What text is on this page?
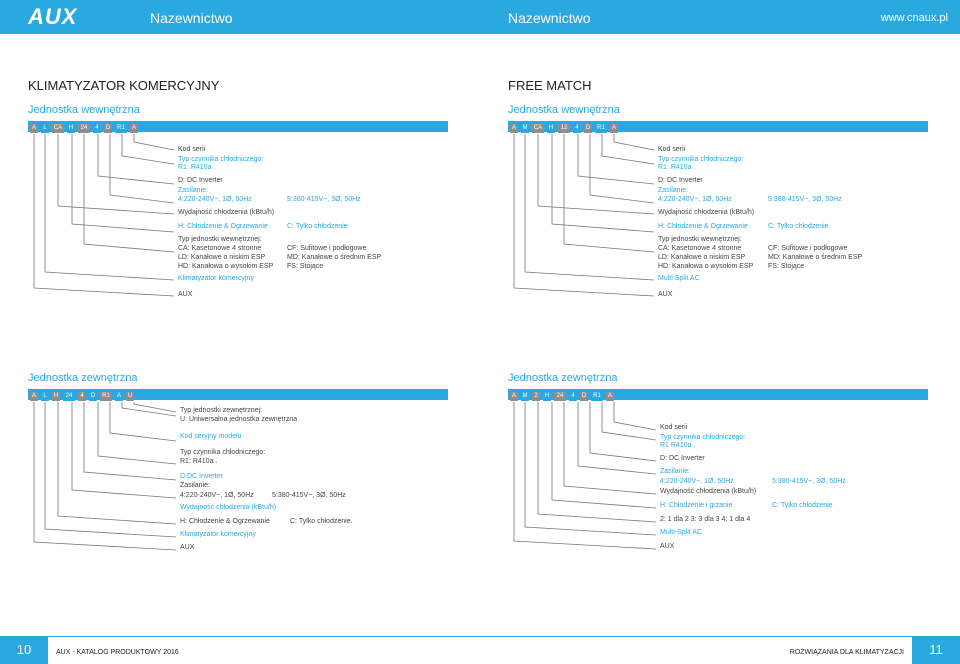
AUX	Nazewnictwo	Nazewnictwo	www.cnaux.pl
KLIMATYZATOR KOMERCYJNY	FREE MATCH
Jednostka wewnętrzna	Jednostka wewnętrzna
Jednostka zewnętrzna	Jednostka zewnętrzna
A	L	CA	H	24	4	D	R1	A	A	M	CA	H	12	4	D	R1	A
A	L	H	24	4	D	R1	A	U	A	M	2	H	24	4	D	R1	A
Kod serii
Typ czynnika chłodniczego:
R1: R410a .
D: DC Inverter
Zasilanie:
4:220-240V~, 1Ø, 50Hz
Wydajność chłodzenia (kBtu/h)
H: Chłodzenie & Ogrzewanie
Typ jednostki wewnętrznej:
CA: Kasetonowe 4 stronne
LD: Kanałowe o niskim ESP
HD: Kanałowa o wysokim ESP
Klimatyzator komercyjny
AUX
5:380-415V~, 3Ø, 50Hz
C: Tylko chłodzenie
CF: Sufitowe i podłogowe
MD: Kanałowe o średnim ESP
FS: Stojące
Kod serii
Typ czynnika chłodniczego:
R1: R410a .
D: DC Inverter
Zasilanie:
4:220-240V~, 1Ø, 50Hz
Wydajność chłodzenia (kBtu/h)
H: Chłodzenie & Ogrzewanie
Typ jednostki wewnętrznej:
CA: Kasetonowe 4 stronne
LD: Kanałowe o niskim ESP
HD: Kanałowa o wysokim ESP
Multi Split AC
AUX
5:380-415V~, 3Ø, 50Hz
C: Tylko chłodzenie
CF: Sufitowe i podłogowe
MD: Kanałowe o średnim ESP
FS: Stojące
Typ jednostki zewnętrznej:
U: Uniwersalna jednostka zewnętrzna
Kod seryjny modelu
Typ czynnika chłodniczego:
R1: R410a .
D:DC Inverter
Zasilanie:
4:220-240V~, 1Ø, 50Hz
Wydajność chłodzenia (kBtu/h)
H: Chłodzenie & Ogrzewanie
Klimatyzator komercyjny
AUX
5:380-415V~, 3Ø, 50Hz
C: Tylko chłodzenie.
Kod serii
Typ czynnika chłodniczego:
R1 R410a .
D: DC Inverter
Zasilanie:
4:220-240V~, 1Ø, 50Hz
Wydajność chłodzenia (kBtu/h)
H: Chłodzenie i grzanie
2: 1 dla 2 3: 3 dla 3 4: 1 dla 4
Multi-Split AC
AUX
5:380-415V~, 3Ø, 50Hz
C: Tylko chłodzenie
10	AUX - KATALOG PRODUKTOWY 2016	ROZWIĄZANIA DLA KLIMATYZACJI	11
